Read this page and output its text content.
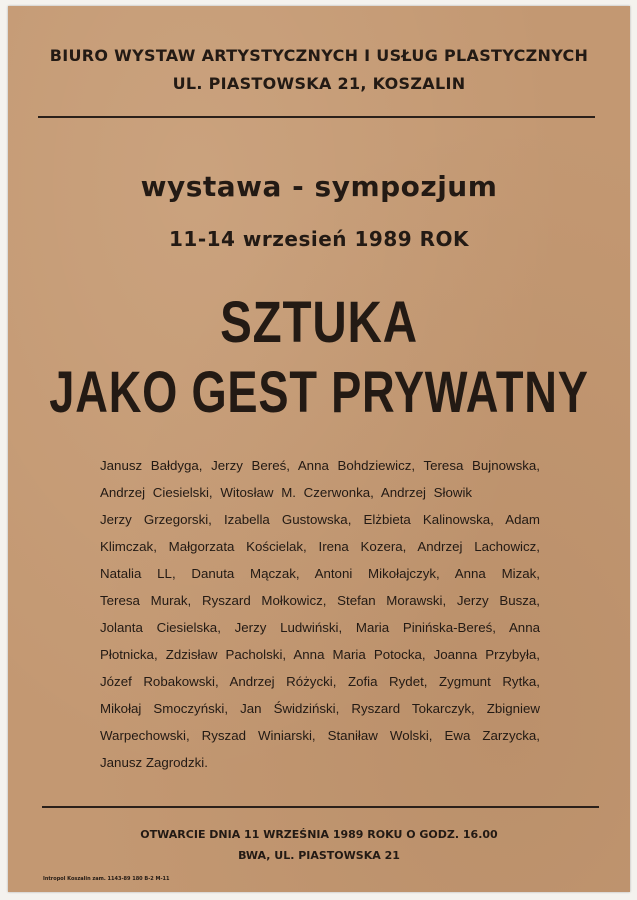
BIURO WYSTAW ARTYSTYCZNYCH I USŁUG PLASTYCZNYCH
UL. PIASTOWSKA 21, KOSZALIN
wystawa - sympozjum
11-14 wrzesień 1989 ROK
SZTUKA
JAKO GEST PRYWATNY
Janusz Bałdyga, Jerzy Bereś, Anna Bohdziewicz, Teresa Bujnowska,
Andrzej Ciesielski, Witosław M. Czerwonka, Andrzej Słowik
Jerzy Grzegorski, Izabella Gustowska, Elżbieta Kalinowska, Adam
Klimczak, Małgorzata Kościelak, Irena Kozera, Andrzej Lachowicz,
Natalia LL, Danuta Mączak, Antoni Mikołajczyk, Anna Mizak,
Teresa Murak, Ryszard Mołkowicz, Stefan Morawski, Jerzy Busza,
Jolanta Ciesielska, Jerzy Ludwiński, Maria Pinińska-Bereś, Anna
Płotnicka, Zdzisław Pacholski, Anna Maria Potocka, Joanna Przybyła,
Józef Robakowski, Andrzej Różycki, Zofia Rydet, Zygmunt Rytka,
Mikołaj Smoczyński, Jan Świdziński, Ryszard Tokarczyk, Zbigniew
Warpechowski, Ryszad Winiarski, Staniław Wolski, Ewa Zarzycka,
Janusz Zagrodzki.
OTWARCIE DNIA 11 WRZEŚNIA 1989 ROKU O GODZ. 16.00
BWA, UL. PIASTOWSKA 21
Intropol Koszalin zam. 1143-89 180 B-2 M-11
